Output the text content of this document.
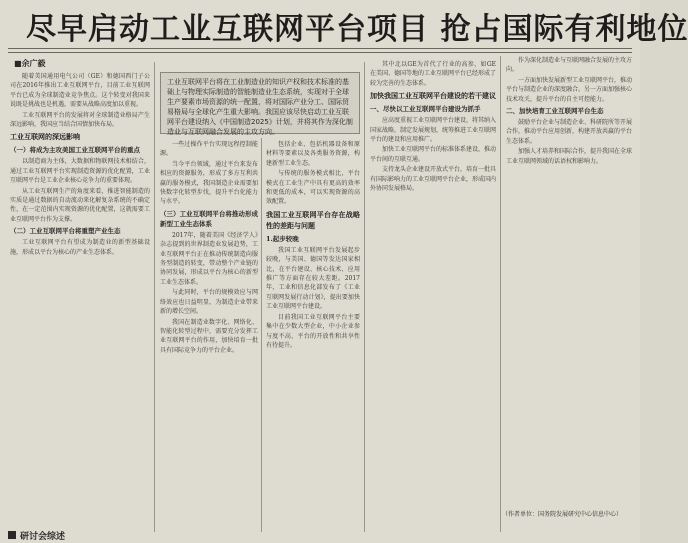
尽早启动工业互联网平台项目 抢占国际有利地位
■余广毅
工业互联网平台将在工业制造业的知识产权和技术标准的基础上与物理实际制造的智能制造业生态系统，实现对于全球生产要素市场资源的统一配置，将对国际产业分工、国际贸易格局与全球化产生重大影响。我国应该尽快启动工业互联网平台建设纳入《中国制造2025》计划，并将其作为深化制造业与互联网融合发展的主攻方向。

随着美国通用电气公司（GE）和德国西门子公司在2016年推出工业互联网平台，目前工业互联网平台已成为全球制造业竞争焦点。这个转变对我国来说既是挑战也是机遇，需要从战略高度加以重视。

工业互联网平台的发展将对全球制造业格局产生深远影响，我国应当结合国情加快布局。

工业互联网的深远影响
（一）将成为主攻美国工业互联网平台的重点

以制造商为主体，大数据和物联网技术相结合，通过工业互联网平台实现制造资源的优化配置，工业互联网平台是工业企业核心竞争力的重要体现。

从工业互联网生产的角度来看，推进智能制造的实质是通过数据的自动流动来化解复杂系统的不确定性，在一定范围内实现资源的优化配置，这就需要工业互联网平台作为支撑。

（二）工业互联网平台将重塑产业生态

工业互联网平台有望成为制造业的新型基础设施，形成以平台为核心的产业生态体系。

一些过操作平台实现远程控制能源。

当今平台领域，通过平台来发布相应的资源服务，形成了多方互利共赢的服务模式，我国制造企业需要加快数字化转型步伐，提升平台化能力与水平。

（三）工业互联网平台将推动形成新型工业生态体系

2017年，随着美国《经济学人》杂志提到的世界制造业发展趋势，工业互联网平台正在推动传统制造向服务型制造的转变，带动整个产业链的协同发展，形成以平台为核心的新型工业生态体系。

与此同时，平台的规模效应与网络效应也日益明显，为制造企业带来新的增长空间。

我国在制造业数字化、网络化、智能化转型过程中，需要充分发挥工业互联网平台的作用，加快培育一批具有国际竞争力的平台企业。

包括企业、包括机器设备和原材料等要素以及各类服务资源，构建新型工业生态。

与传统的服务模式相比，平台模式在工业生产中具有更高的效率和更低的成本，可以实现资源的高效配置。

我国工业互联网平台存在战略性的差距与问题
1.起步较晚

我国工业互联网平台发展起步较晚，与美国、德国等发达国家相比，在平台建设、核心技术、应用推广等方面存在较大差距。2017年，工业和信息化部发布了《工业互联网发展行动计划》，提出要加快工业互联网平台建设。

目前我国工业互联网平台主要集中在少数大型企业，中小企业参与度不高，平台的开放性和共享性有待提升。

其中北以GE为首代了行业的高参，如GE在美国、德国等地的工业互联网平台已经形成了较为完善的生态体系。

加快我国工业互联网平台建设的若干建议
一、尽快以工业互联网平台建设为抓手

应高度重视工业互联网平台建设，将其纳入国家战略，制定发展规划，统筹推进工业互联网平台的建设和应用推广。

加快工业互联网平台的标准体系建设，推动平台间的互联互通。

支持龙头企业建设开放式平台，培育一批具有国际影响力的工业互联网平台企业，形成国内外协同发展格局。

作为深化制造业与互联网融合发展的主攻方向。

一方面加快发展新型工业互联网平台，推动平台与制造企业的深度融合。另一方面加强核心技术攻关，提升平台的自主可控能力。

二、加快培育工业互联网平台生态

鼓励平台企业与制造企业、科研院所等开展合作，推动平台应用创新，构建开放共赢的平台生态体系。

加强人才培养和国际合作，提升我国在全球工业互联网领域的话语权和影响力。

（作者单位：国务院发展研究中心信息中心）
研讨会综述
